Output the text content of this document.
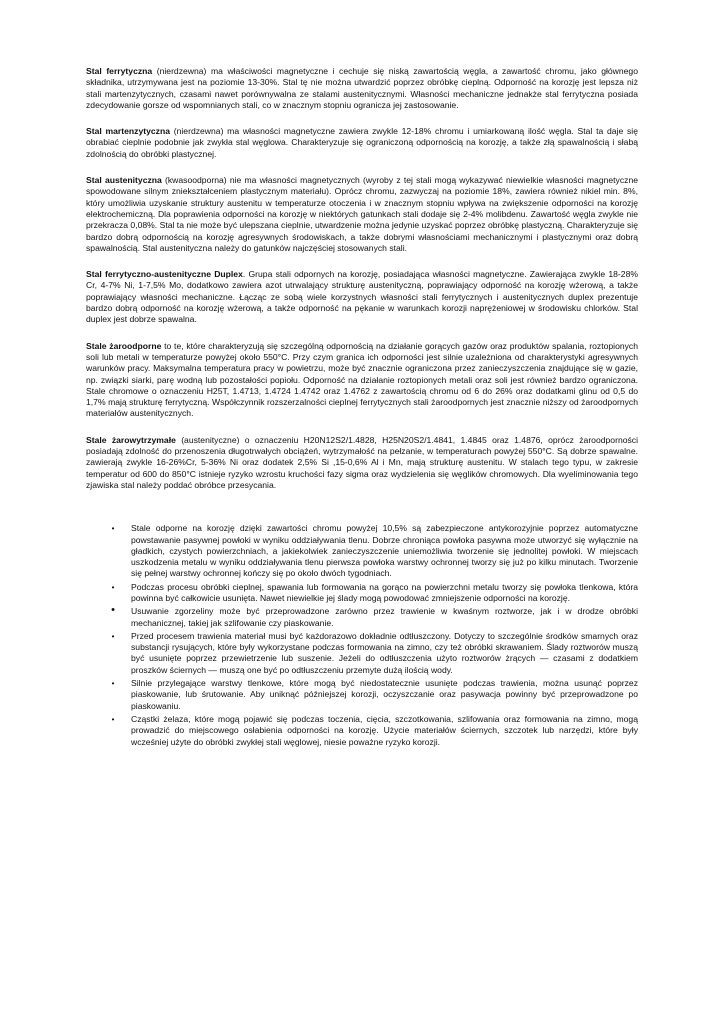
Stal ferrytyczna (nierdzewna) ma właściwości magnetyczne i cechuje się niską zawartością węgla, a zawartość chromu, jako głównego składnika, utrzymywana jest na poziomie 13-30%. Stal tę nie można utwardzić poprzez obróbkę cieplną. Odporność na korozję jest lepsza niż stali martenzytycznych, czasami nawet porównywalna ze stalami austenitycznymi. Własności mechaniczne jednakże stal ferrytyczna posiada zdecydowanie gorsze od wspomnianych stali, co w znacznym stopniu ogranicza jej zastosowanie.

Stal martenzytyczna (nierdzewna) ma własności magnetyczne zawiera zwykle 12-18% chromu i umiarkowaną ilość węgla. Stal ta daje się obrabiać cieplnie podobnie jak zwykła stal węglowa. Charakteryzuje się ograniczoną odpornością na korozję, a także złą spawalnością i słabą zdolnością do obróbki plastycznej.

Stal austenityczna (kwasoodporna) nie ma własności magnetycznych (wyroby z tej stali mogą wykazywać niewielkie własności magnetyczne spowodowane silnym zniekształceniem plastycznym materiału). Oprócz chromu, zazwyczaj na poziomie 18%, zawiera również nikiel min. 8%, który umożliwia uzyskanie struktury austenitu w temperaturze otoczenia i w znacznym stopniu wpływa na zwiększenie odporności na korozję elektrochemiczną. Dla poprawienia odporności na korozję w niektórych gatunkach stali dodaje się 2-4% molibdenu. Zawartość węgla zwykle nie przekracza 0,08%. Stal ta nie może być ulepszana cieplnie, utwardzenie można jedynie uzyskać poprzez obróbkę plastyczną. Charakteryzuje się bardzo dobrą odpornością na korozję agresywnych środowiskach, a także dobrymi własnościami mechanicznymi i plastycznymi oraz dobrą spawalnością. Stal austenityczna należy do gatunków najczęściej stosowanych stali.

Stal ferrytyczno-austenityczne Duplex. Grupa stali odpornych na korozję, posiadająca własności magnetyczne. Zawierająca zwykle 18-28% Cr, 4-7% Ni, 1-7,5% Mo, dodatkowo zawiera azot utrwalający strukturę austenityczną, poprawiający odporność na korozję wżerową, a także poprawiający własności mechaniczne. Łącząc ze sobą wiele korzystnych własności stali ferrytycznych i austenitycznych duplex prezentuje bardzo dobrą odporność na korozję wżerową, a także odporność na pękanie w warunkach korozji naprężeniowej w środowisku chlorków. Stal duplex jest dobrze spawalna.

Stale żaroodporne to te, które charakteryzują się szczególną odpornością na działanie gorących gazów oraz produktów spalania, roztopionych soli lub metali w temperaturze powyżej około 550°C. Przy czym granica ich odporności jest silnie uzależniona od charakterystyki agresywnych warunków pracy. Maksymalna temperatura pracy w powietrzu, może być znacznie ograniczona przez zanieczyszczenia znajdujące się w gazie, np. związki siarki, parę wodną lub pozostałości popiołu. Odporność na działanie roztopionych metali oraz soli jest również bardzo ograniczona. Stale chromowe o oznaczeniu H25T, 1.4713, 1.4724 1.4742 oraz 1.4762 z zawartością chromu od 6 do 26% oraz dodatkami glinu od 0,5 do 1,7% mają strukturę ferrytyczną. Współczynnik rozszerzalności cieplnej ferrytycznych stali żaroodpornych jest znacznie niższy od żaroodpornych materiałów austenitycznych.

Stale żarowytrzymałe (austenityczne) o oznaczeniu H20N12S2/1.4828, H25N20S2/1.4841, 1.4845 oraz 1.4876, oprócz żaroodporności posiadają zdolność do przenoszenia długotrwałych obciążeń, wytrzymałość na pełzanie, w temperaturach powyżej 550°C. Są dobrze spawalne. zawierają zwykle 16-26%Cr, 5-36% Ni oraz dodatek 2,5% Si ,15-0,6% Al i Mn, mają strukturę austenitu. W stalach tego typu, w zakresie temperatur od 600 do 850°C istnieje ryzyko wzrostu kruchości fazy sigma oraz wydzielenia się węglików chromowych. Dla wyeliminowania tego zjawiska stal należy poddać obróbce przesycania.

•	Stale odporne na korozję dzięki zawartości chromu powyżej 10,5% są zabezpieczone antykorozyjnie poprzez automatyczne powstawanie pasywnej powłoki w wyniku oddziaływania tlenu. Dobrze chroniąca powłoka pasywna może utworzyć się wyłącznie na gładkich, czystych powierzchniach, a jakiekolwiek zanieczyszczenie uniemożliwia tworzenie się jednolitej powłoki. W miejscach uszkodzenia metalu w wyniku oddziaływania tlenu pierwsza powłoka warstwy ochronnej tworzy się już po kilku minutach. Tworzenie się pełnej warstwy ochronnej kończy się po około dwóch tygodniach.
•	Podczas procesu obróbki cieplnej, spawania lub formowania na gorąco na powierzchni metalu tworzy się powłoka tlenkowa, która powinna być całkowicie usunięta. Nawet niewielkie jej ślady mogą powodować zmniejszenie odporności na korozję.
• Usuwanie zgorzeliny może być przeprowadzone zarówno przez trawienie w kwaśnym roztworze, jak i w drodze obróbki mechanicznej, takiej jak szlifowanie czy piaskowanie.
•	Przed procesem trawienia materiał musi być każdorazowo dokładnie odtłuszczony. Dotyczy to szczególnie środków smarnych oraz substancji rysujących, które były wykorzystane podczas formowania na zimno, czy też obróbki skrawaniem. Ślady roztworów muszą być usunięte poprzez przewietrzenie lub suszenie. Jeżeli do odtłuszczenia użyto roztworów żrących — czasami z dodatkiem proszków ściernych — muszą one być po odtłuszczeniu przemyte dużą ilością wody.
•	Silnie przylegające warstwy tlenkowe, które mogą być niedostatecznie usunięte podczas trawienia, można usunąć poprzez piaskowanie, lub śrutowanie. Aby uniknąć późniejszej korozji, oczyszczanie oraz pasywacja powinny być przeprowadzone po piaskowaniu.
•	Cząstki żelaza, które mogą pojawić się podczas toczenia, cięcia, szczotkowania, szlifowania oraz formowania na zimno, mogą prowadzić do miejscowego osłabienia odporności na korozję. Użycie materiałów ściernych, szczotek lub narzędzi, które były wcześniej użyte do obróbki zwykłej stali węglowej, niesie poważne ryzyko korozji.
